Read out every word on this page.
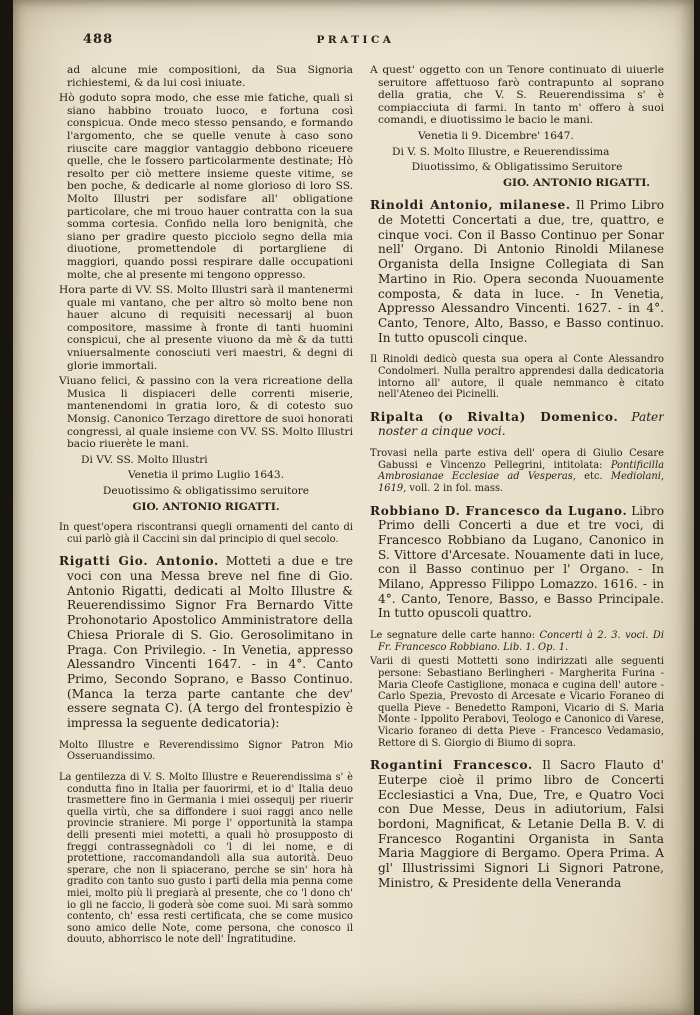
488	PRATICA

ad alcune mie compositioni, da Sua Signoria richiestemi, & da lui così iniuate.

Hò goduto sopra modo, che esse mie fatiche, quali si siano habbino trouato luoco, e fortuna così conspicua. Onde meco stesso pensando, e formando l'argomento, che se quelle venute à caso sono riuscite care maggior vantaggio debbono riceuere quelle, che le fossero particolarmente destinate; Hò resolto per ciò mettere insieme queste vitime, se ben poche, & dedicarle al nome glorioso di loro SS. Molto Illustri per sodisfare all' obligatione particolare, che mi trouo hauer contratta con la sua somma cortesia. Confido nella loro benignità, che siano per gradire questo picciolo segno della mia diuotione, promettendole di portargliene di maggiori, quando possi respirare dalle occupationi molte, che al presente mi tengono oppresso.

Hora parte di VV. SS. Molto Illustri sarà il mantenermi quale mi vantano, che per altro sò molto bene non hauer alcuno di requisiti necessarij al buon compositore, massime à fronte di tanti huomini conspicui, che al presente viuono da mè & da tutti vniuersalmente conosciuti veri maestri, & degni di glorie immortali.

Viuano felici, & passino con la vera ricreatione della Musica li dispiaceri delle correnti miserie, mantenendomi in gratia loro, & di cotesto suo Monsig. Canonico Terzago direttore de suoi honorati congressi, al quale insieme con VV. SS. Molto Illustri bacio riuerète le mani.

Di VV. SS. Molto Illustri

Venetia il primo Luglio 1643.

Deuotissimo & obligatissimo seruitore

GIO. ANTONIO RIGATTI.

In quest'opera riscontransi quegli ornamenti del canto di cui parlò già il Caccini sin dal principio di quel secolo.

Rigatti Gio. Antonio. Motteti a due e tre voci con una Messa breve nel fine di Gio. Antonio Rigatti, dedicati al Molto Illustre & Reuerendissimo Signor Fra Bernardo Vitte Prohonotario Apostolico Amministratore della Chiesa Priorale di S. Gio. Gerosolimitano in Praga. Con Privilegio. - In Venetia, appresso Alessandro Vincenti 1647. - in 4°. Canto Primo, Secondo Soprano, e Basso Continuo. (Manca la terza parte cantante che dev' essere segnata C). (A tergo del frontespizio è impressa la seguente dedicatoria):

Molto Illustre e Reverendissimo Signor Patron Mio Osseruandissimo.

La gentilezza di V. S. Molto Illustre e Reuerendissima s' è condutta fino in Italia per fauorirmi, et io d' Italia deuo trasmettere fino in Germania i miei ossequij per riuerir quella virtù, che sa diffondere i suoi raggi anco nelle provincie straniere. Mi porge l' opportunità la stampa delli presenti miei motetti, a quali hò prosupposto di freggi contrassegnàdoli co 'l di lei nome, e di protettione, raccomandandoli alla sua autorità. Deuo sperare, che non li spiacerano, perche se sin' hora hà gradito con tanto suo gusto i parti della mia penna come miei, molto più li pregiarà al presente, che co 'l dono ch' io gli ne faccio, li goderà sòe come suoi. Mi sarà sommo contento, ch' essa resti certificata, che se come musico sono amico delle Note, come persona, che conosco il douuto, abhorrisco le note dell' Ingratitudine.

A quest' oggetto con un Tenore continuato di uiuerle seruitore affettuoso farò contrapunto al soprano della gratia, che V. S. Reuerendissima s' è compiacciuta di farmi. In tanto m' offero à suoi comandi, e diuotissimo le bacio le mani.

Venetia li 9. Dicembre' 1647.

Di V. S. Molto Illustre, e Reuerendissima

Diuotissimo, & Obligatissimo Seruitore

GIO. ANTONIO RIGATTI.

Rinoldi Antonio, milanese. Il Primo Libro de Motetti Concertati a due, tre, quattro, e cinque voci. Con il Basso Continuo per Sonar nell' Organo. Di Antonio Rinoldi Milanese Organista della Insigne Collegiata di San Martino in Rio. Opera seconda Nuouamente composta, & data in luce. - In Venetia, Appresso Alessandro Vincenti. 1627. - in 4°. Canto, Tenore, Alto, Basso, e Basso continuo. In tutto opuscoli cinque.

Il Rinoldi dedicò questa sua opera al Conte Alessandro Condolmeri. Nulla peraltro apprendesi dalla dedicatoria intorno all' autore, il quale nemmanco è citato nell'Ateneo dei Picinelli.

Ripalta (o Rivalta) Domenico. Pater noster a cinque voci.

Trovasi nella parte estiva dell' opera di Giulio Cesare Gabussi e Vincenzo Pellegrini, intitolata: Pontificilla Ambrosianae Ecclesiae ad Vesperas, etc. Mediolani, 1619, voll. 2 in fol. mass.

Robbiano D. Francesco da Lugano. Libro Primo delli Concerti a due et tre voci, di Francesco Robbiano da Lugano, Canonico in S. Vittore d'Arcesate. Nouamente dati in luce, con il Basso continuo per l' Organo. - In Milano, Appresso Filippo Lomazzo. 1616. - in 4°. Canto, Tenore, Basso, e Basso Principale. In tutto opuscoli quattro.

Le segnature delle carte hanno: Concerti à 2. 3. voci. Di Fr. Francesco Robbiano. Lib. 1. Op. 1.

Varii di questi Mottetti sono indirizzati alle seguenti persone: Sebastiano Berlingheri - Margherita Furina - Maria Cleofe Castiglione, monaca e cugina dell' autore - Carlo Spezia, Prevosto di Arcesate e Vicario Foraneo di quella Pieve - Benedetto Ramponi, Vicario di S. Maria Monte - Ippolito Perabovi, Teologo e Canonico di Varese, Vicario foraneo di detta Pieve - Francesco Vedamasio, Rettore di S. Giorgio di Biumo di sopra.

Rogantini Francesco. Il Sacro Flauto d' Euterpe cioè il primo libro de Concerti Ecclesiastici a Vna, Due, Tre, e Quatro Voci con Due Messe, Deus in adiutorium, Falsi bordoni, Magnificat, & Letanie Della B. V. di Francesco Rogantini Organista in Santa Maria Maggiore di Bergamo. Opera Prima. A gl' Illustrissimi Signori Li Signori Patrone, Ministro, & Presidente della Veneranda
